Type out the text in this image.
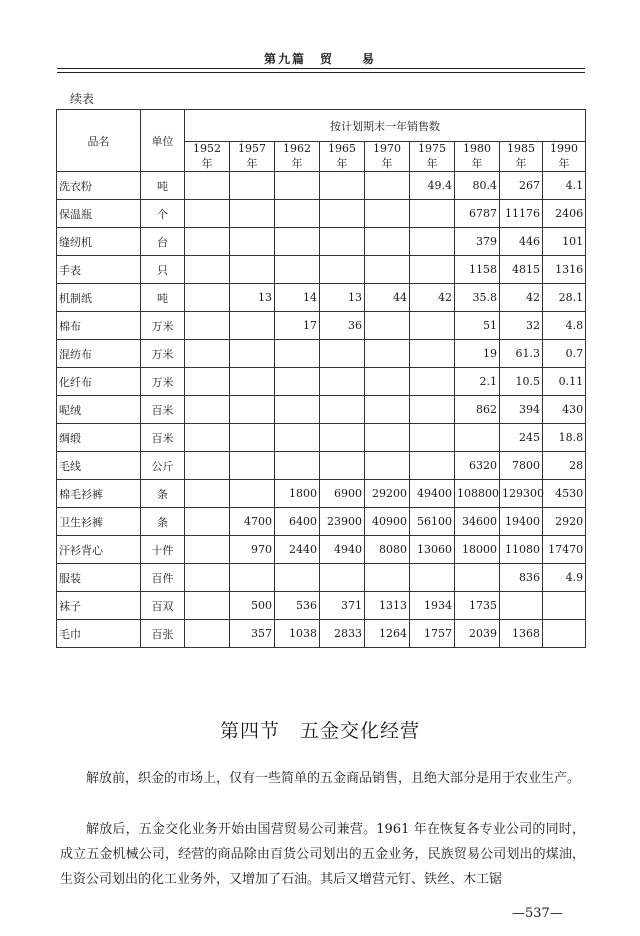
第九篇　贸　　易
续表
品名	单位	按计划期末一年销售数								
		1952 年	1957 年	1962 年	1965 年	1970 年	1975 年	1980 年	1985 年	1990 年
洗衣粉	吨						49.4	80.4	267	4.1
保温瓶	个							6787	11176	2406
缝纫机	台							379	446	101
手表	只							1158	4815	1316
机制纸	吨		13	14	13	44	42	35.8	42	28.1
棉布	万米			17	36			51	32	4.8
混纺布	万米							19	61.3	0.7
化纤布	万米							2.1	10.5	0.11
呢绒	百米							862	394	430
绸缎	百米								245	18.8
毛线	公斤							6320	7800	28
棉毛衫裤	条			1800	6900	29200	49400	108800	129300	4530
卫生衫裤	条		4700	6400	23900	40900	56100	34600	19400	2920
汗衫背心	十件		970	2440	4940	8080	13060	18000	11080	17470
服装	百件								836	4.9
袜子	百双		500	536	371	1313	1934	1735		
毛巾	百张		357	1038	2833	1264	1757	2039	1368	
第四节　五金交化经营

解放前，织金的市场上，仅有一些简单的五金商品销售，且绝大部分是用于农业生产。

解放后，五金交化业务开始由国营贸易公司兼营。1961 年在恢复各专业公司的同时，成立五金机械公司，经营的商品除由百货公司划出的五金业务，民族贸易公司划出的煤油，生资公司划出的化工业务外，又增加了石油。其后又增营元钉、铁丝、木工锯

—537—
